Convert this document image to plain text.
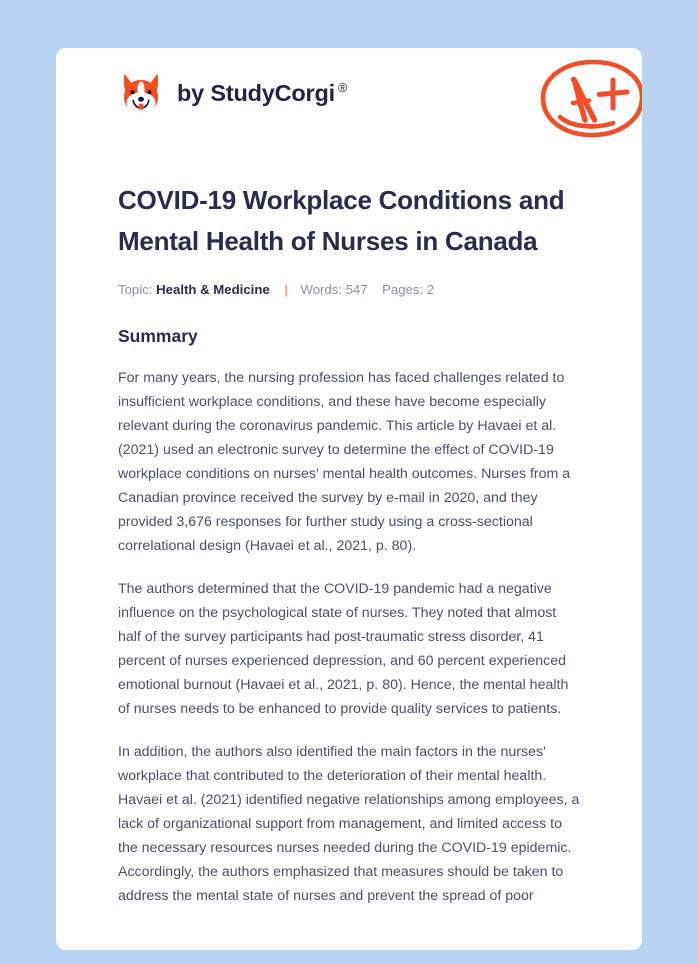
by StudyCorgi ®
COVID-19 Workplace Conditions and Mental Health of Nurses in Canada
Topic: Health & Medicine | Words: 547 Pages: 2
Summary

For many years, the nursing profession has faced challenges related to insufficient workplace conditions, and these have become especially relevant during the coronavirus pandemic. This article by Havaei et al. (2021) used an electronic survey to determine the effect of COVID-19 workplace conditions on nurses' mental health outcomes. Nurses from a Canadian province received the survey by e-mail in 2020, and they provided 3,676 responses for further study using a cross-sectional correlational design (Havaei et al., 2021, p. 80).

The authors determined that the COVID-19 pandemic had a negative influence on the psychological state of nurses. They noted that almost half of the survey participants had post-traumatic stress disorder, 41 percent of nurses experienced depression, and 60 percent experienced emotional burnout (Havaei et al., 2021, p. 80). Hence, the mental health of nurses needs to be enhanced to provide quality services to patients.

In addition, the authors also identified the main factors in the nurses' workplace that contributed to the deterioration of their mental health. Havaei et al. (2021) identified negative relationships among employees, a lack of organizational support from management, and limited access to the necessary resources nurses needed during the COVID-19 epidemic. Accordingly, the authors emphasized that measures should be taken to address the mental state of nurses and prevent the spread of poor
